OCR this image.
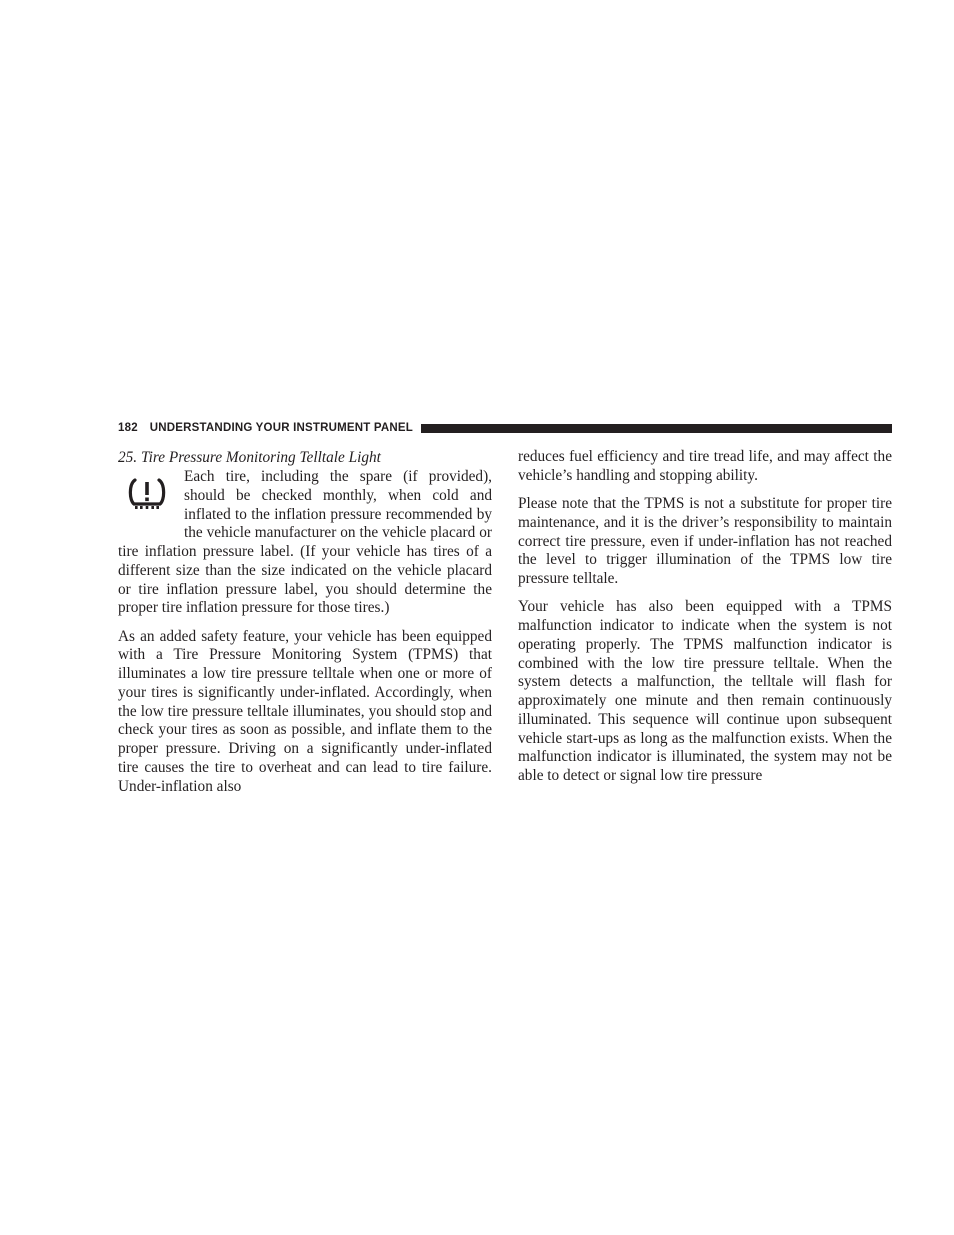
182 UNDERSTANDING YOUR INSTRUMENT PANEL
25. Tire Pressure Monitoring Telltale Light

Each tire, including the spare (if provided), should be checked monthly, when cold and inflated to the inflation pressure recommended by the vehicle manufacturer on the vehicle placard or tire inflation pressure label. (If your vehicle has tires of a different size than the size indicated on the vehicle placard or tire inflation pressure label, you should determine the proper tire inflation pressure for those tires.)

As an added safety feature, your vehicle has been equipped with a Tire Pressure Monitoring System (TPMS) that illuminates a low tire pressure telltale when one or more of your tires is significantly under-inflated. Accordingly, when the low tire pressure telltale illuminates, you should stop and check your tires as soon as possible, and inflate them to the proper pressure. Driving on a significantly under-inflated tire causes the tire to overheat and can lead to tire failure. Under-inflation also

reduces fuel efficiency and tire tread life, and may affect the vehicle’s handling and stopping ability.

Please note that the TPMS is not a substitute for proper tire maintenance, and it is the driver’s responsibility to maintain correct tire pressure, even if under-inflation has not reached the level to trigger illumination of the TPMS low tire pressure telltale.

Your vehicle has also been equipped with a TPMS malfunction indicator to indicate when the system is not operating properly. The TPMS malfunction indicator is combined with the low tire pressure telltale. When the system detects a malfunction, the telltale will flash for approximately one minute and then remain continuously illuminated. This sequence will continue upon subsequent vehicle start-ups as long as the malfunction exists. When the malfunction indicator is illuminated, the system may not be able to detect or signal low tire pressure
